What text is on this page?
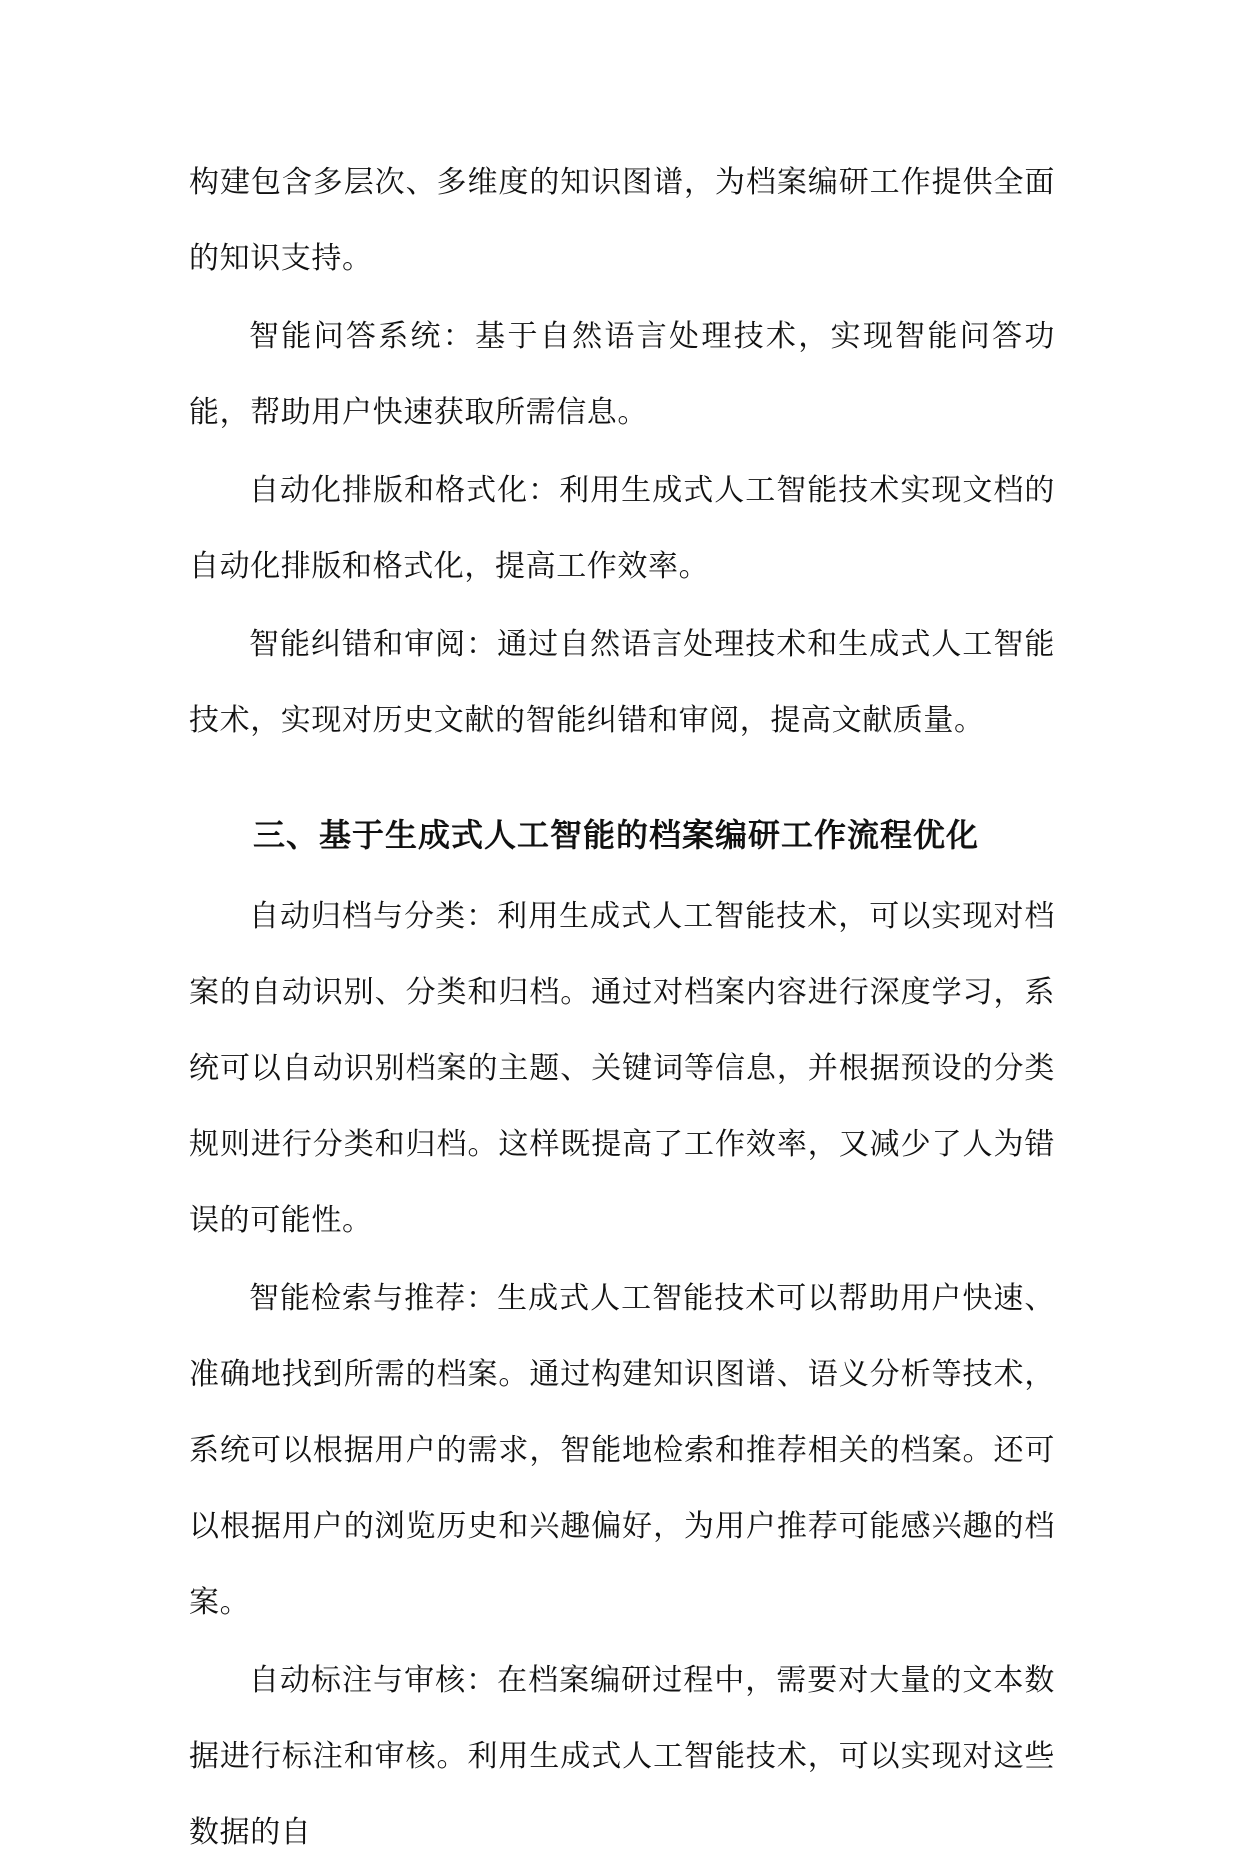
构建包含多层次、多维度的知识图谱，为档案编研工作提供全面的知识支持。

智能问答系统：基于自然语言处理技术，实现智能问答功能，帮助用户快速获取所需信息。

自动化排版和格式化：利用生成式人工智能技术实现文档的自动化排版和格式化，提高工作效率。

智能纠错和审阅：通过自然语言处理技术和生成式人工智能技术，实现对历史文献的智能纠错和审阅，提高文献质量。

三、基于生成式人工智能的档案编研工作流程优化

自动归档与分类：利用生成式人工智能技术，可以实现对档案的自动识别、分类和归档。通过对档案内容进行深度学习，系统可以自动识别档案的主题、关键词等信息，并根据预设的分类规则进行分类和归档。这样既提高了工作效率，又减少了人为错误的可能性。

智能检索与推荐：生成式人工智能技术可以帮助用户快速、准确地找到所需的档案。通过构建知识图谱、语义分析等技术，系统可以根据用户的需求，智能地检索和推荐相关的档案。还可以根据用户的浏览历史和兴趣偏好，为用户推荐可能感兴趣的档案。

自动标注与审核：在档案编研过程中，需要对大量的文本数据进行标注和审核。利用生成式人工智能技术，可以实现对这些数据的自
